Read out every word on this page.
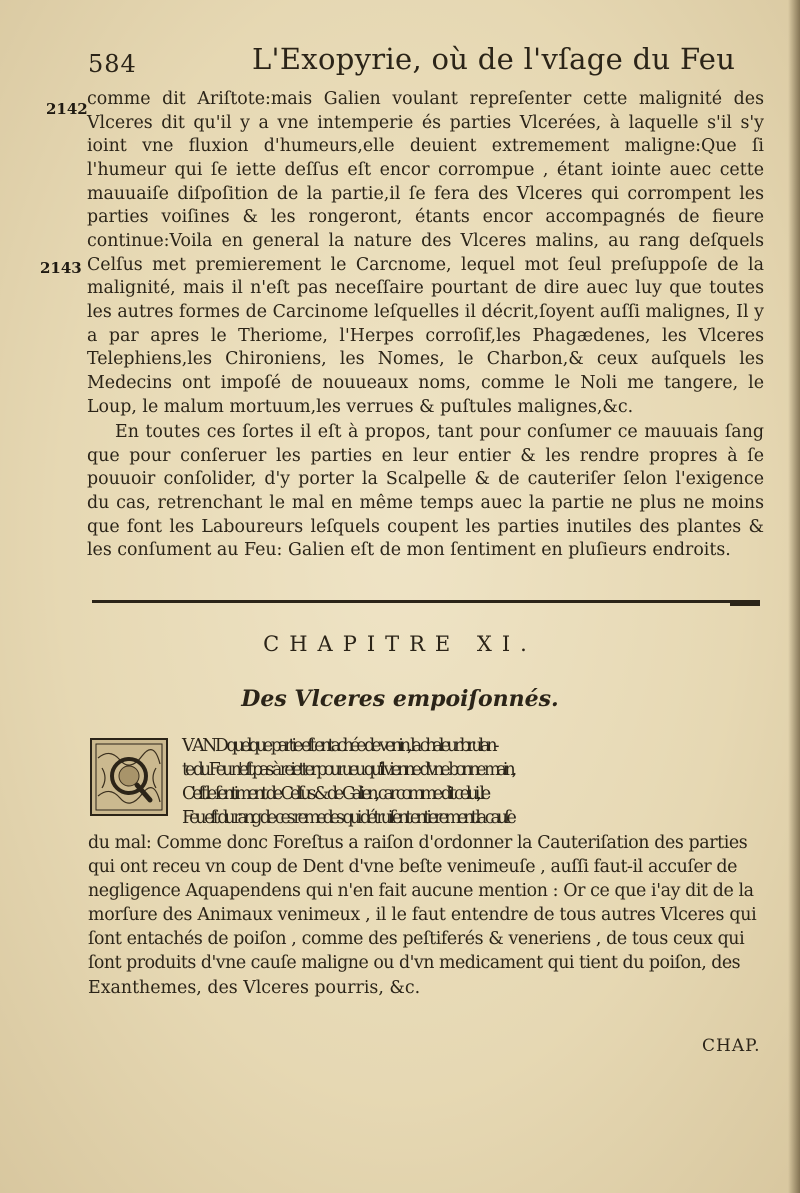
584	L'Exopyrie, où de l'vſage du Feu
2142
2143

comme dit Ariſtote:mais Galien voulant repreſenter cette malignité des Vlceres dit qu'il y a vne intemperie és parties Vlcerées, à laquelle s'il s'y ioint vne fluxion d'humeurs,elle deuient extremement maligne:Que ſi l'humeur qui ſe iette deſſus eſt encor corrompue , étant iointe auec cette mauuaiſe diſpoſition de la partie,il ſe fera des Vlceres qui corrompent les parties voiſines & les rongeront, étants encor accompagnés de fieure continue:Voila en general la nature des Vlceres malins, au rang deſquels Celſus met premierement le Carcnome, lequel mot ſeul preſuppoſe de la malignité, mais il n'eſt pas neceſſaire pourtant de dire auec luy que toutes les autres formes de Carcinome leſquelles il décrit,ſoyent auſſi malignes, Il y a par apres le Theriome, l'Herpes corroſif,les Phagædenes, les Vlceres Telephiens,les Chironiens, les Nomes, le Charbon,& ceux auſquels les Medecins ont impoſé de nouueaux noms, comme le Noli me tangere, le Loup, le malum mortuum,les verrues & puſtules malignes,&c.

En toutes ces ſortes il eſt à propos, tant pour conſumer ce mauuais ſang que pour conſeruer les parties en leur entier & les rendre propres à ſe pouuoir conſolider, d'y porter la Scalpelle & de cauteriſer ſelon l'exigence du cas, retrenchant le mal en même temps auec la partie ne plus ne moins que font les Laboureurs leſquels coupent les parties inutiles des plantes & les conſument au Feu: Galien eſt de mon ſentiment en pluſieurs endroits.

CHAPITRE XI.
Des Vlceres empoiſonnés.
V A N D quelque partie eſt entachée de venin, la chaleur brulan-
te du Feu n'eſt pas à reietter pourueu qu'il vienne d'vne bonne main,
C'eſt le ſentiment de Celſus & de Galien, car comme dit celui, le
Feu eſt du rang de ces remedes qui détruiſent entierement la cauſe
du mal: Comme donc Foreſtus a raiſon d'ordonner la Cauteriſation des parties
qui ont receu vn coup de Dent d'vne beſte venimeuſe , auſſi faut-il accuſer de
negligence Aquapendens qui n'en fait aucune mention : Or ce que i'ay dit de la
morſure des Animaux venimeux , il le faut entendre de tous autres Vlceres qui
ſont entachés de poiſon , comme des peſtiferés & veneriens , de tous ceux qui
ſont produits d'vne cauſe maligne ou d'vn medicament qui tient du poiſon, des
Exanthemes, des Vlceres pourris, &c.
CHAP.
